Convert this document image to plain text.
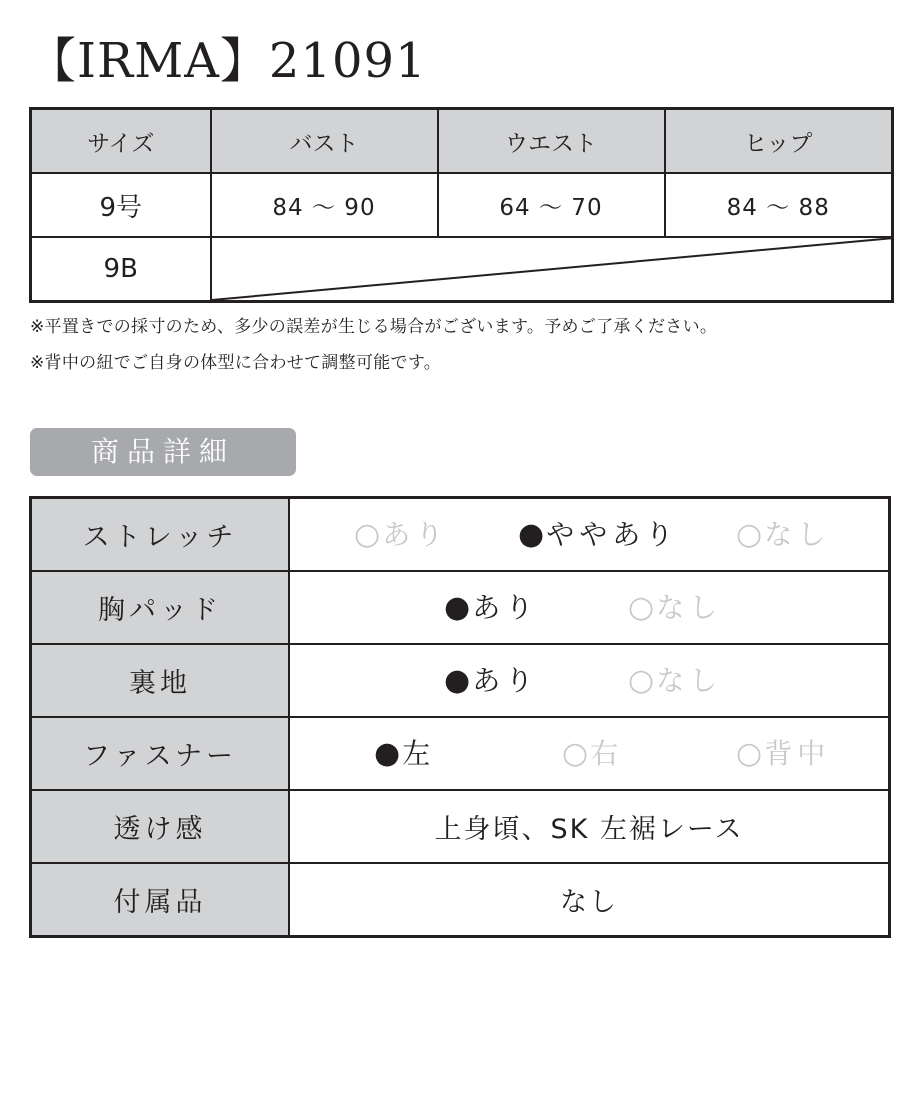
【IRMA】21091
サイズ	バスト	ウエスト	ヒップ
9号	84 〜 90	64 〜 70	84 〜 88
9B	

※平置きでの採寸のため、多少の誤差が生じる場合がございます。予めご了承ください。

※背中の紐でご自身の体型に合わせて調整可能です。

商品詳細
ストレッチ	○あり ●ややあり ○なし

胸パッド	●あり ○なし

裏地	●あり ○なし

ファスナー	●左 ○右 ○背中

透け感	上身頃、SK 左裾レース
付属品	なし
